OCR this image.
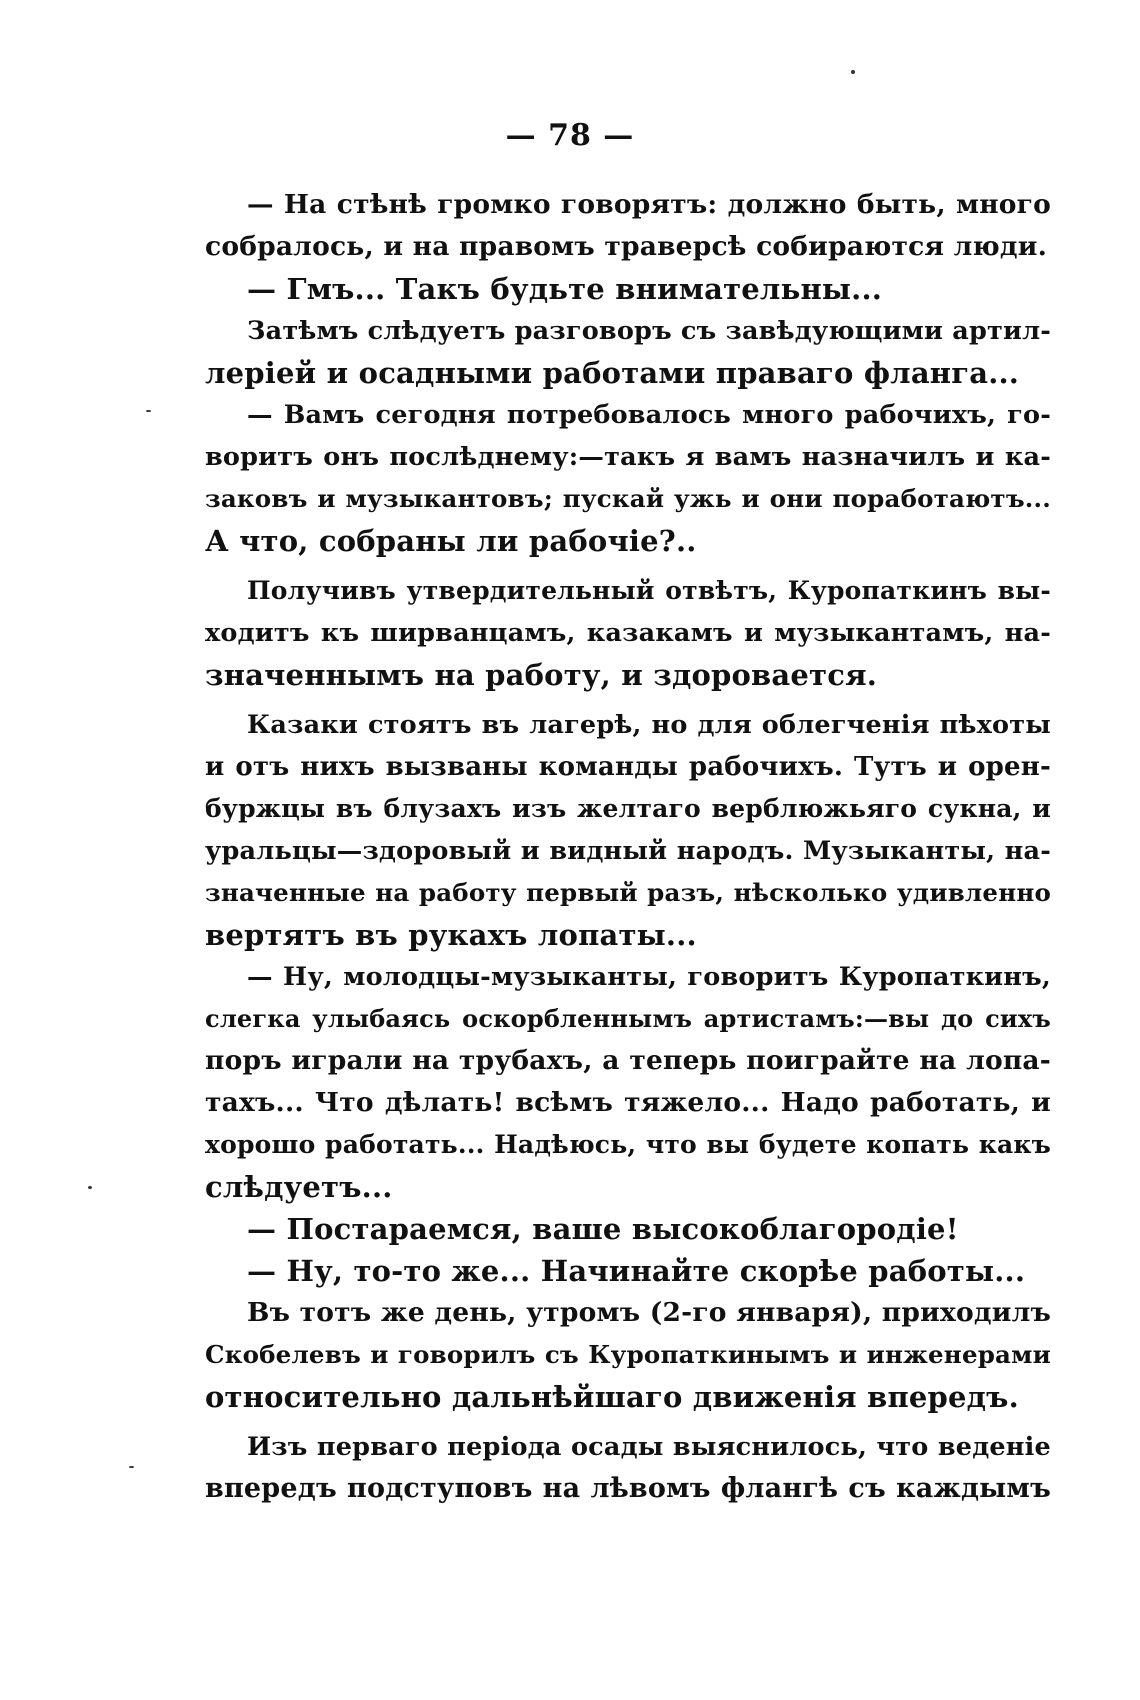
— 78 —
— На стѣнѣ громко говорятъ: должно быть, много
собралось, и на правомъ траверсѣ собираются люди.
— Гмъ... Такъ будьте внимательны...
Затѣмъ слѣдуетъ разговоръ съ завѣдующими артил-
леріей и осадными работами праваго фланга...
— Вамъ сегодня потребовалось много рабочихъ, го-
воритъ онъ послѣднему:—такъ я вамъ назначилъ и ка-
заковъ и музыкантовъ; пускай ужь и они поработаютъ...
А что, собраны ли рабочіе?..
Получивъ утвердительный отвѣтъ, Куропаткинъ вы-
ходитъ къ ширванцамъ, казакамъ и музыкантамъ, на-
значеннымъ на работу, и здоровается.
Казаки стоятъ въ лагерѣ, но для облегченія пѣхоты
и отъ нихъ вызваны команды рабочихъ. Тутъ и орен-
буржцы въ блузахъ изъ желтаго верблюжьяго сукна, и
уральцы—здоровый и видный народъ. Музыканты, на-
значенные на работу первый разъ, нѣсколько удивленно
вертятъ въ рукахъ лопаты...
— Ну, молодцы-музыканты, говоритъ Куропаткинъ,
слегка улыбаясь оскорбленнымъ артистамъ:—вы до сихъ
поръ играли на трубахъ, а теперь поиграйте на лопа-
тахъ... Что дѣлать! всѣмъ тяжело... Надо работать, и
хорошо работать... Надѣюсь, что вы будете копать какъ
слѣдуетъ...
— Постараемся, ваше высокоблагородіе!
— Ну, то-то же... Начинайте скорѣе работы...
Въ тотъ же день, утромъ (2-го января), приходилъ
Скобелевъ и говорилъ съ Куропаткинымъ и инженерами
относительно дальнѣйшаго движенія впередъ.
Изъ перваго періода осады выяснилось, что веденіе
впередъ подступовъ на лѣвомъ флангѣ съ каждымъ
